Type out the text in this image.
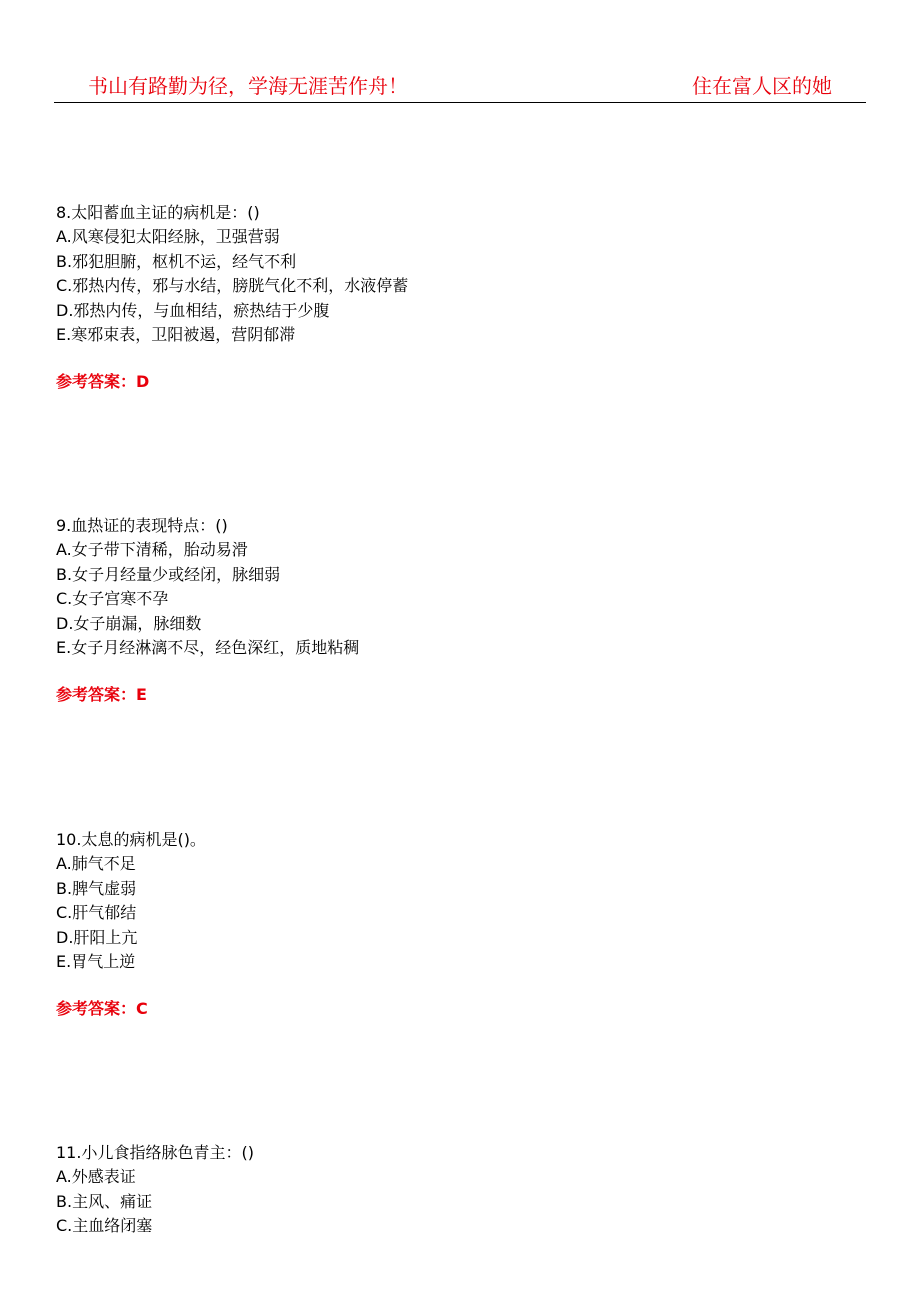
书山有路勤为径，学海无涯苦作舟！	住在富人区的她
8.太阳蓄血主证的病机是：()
A.风寒侵犯太阳经脉，卫强营弱
B.邪犯胆腑，枢机不运，经气不利
C.邪热内传，邪与水结，膀胱气化不利，水液停蓄
D.邪热内传，与血相结，瘀热结于少腹
E.寒邪束表，卫阳被遏，营阴郁滞
参考答案：D
9.血热证的表现特点：()
A.女子带下清稀，胎动易滑
B.女子月经量少或经闭，脉细弱
C.女子宫寒不孕
D.女子崩漏，脉细数
E.女子月经淋漓不尽，经色深红，质地粘稠
参考答案：E
10.太息的病机是()。
A.肺气不足
B.脾气虚弱
C.肝气郁结
D.肝阳上亢
E.胃气上逆
参考答案：C
11.小儿食指络脉色青主：()
A.外感表证
B.主风、痛证
C.主血络闭塞
